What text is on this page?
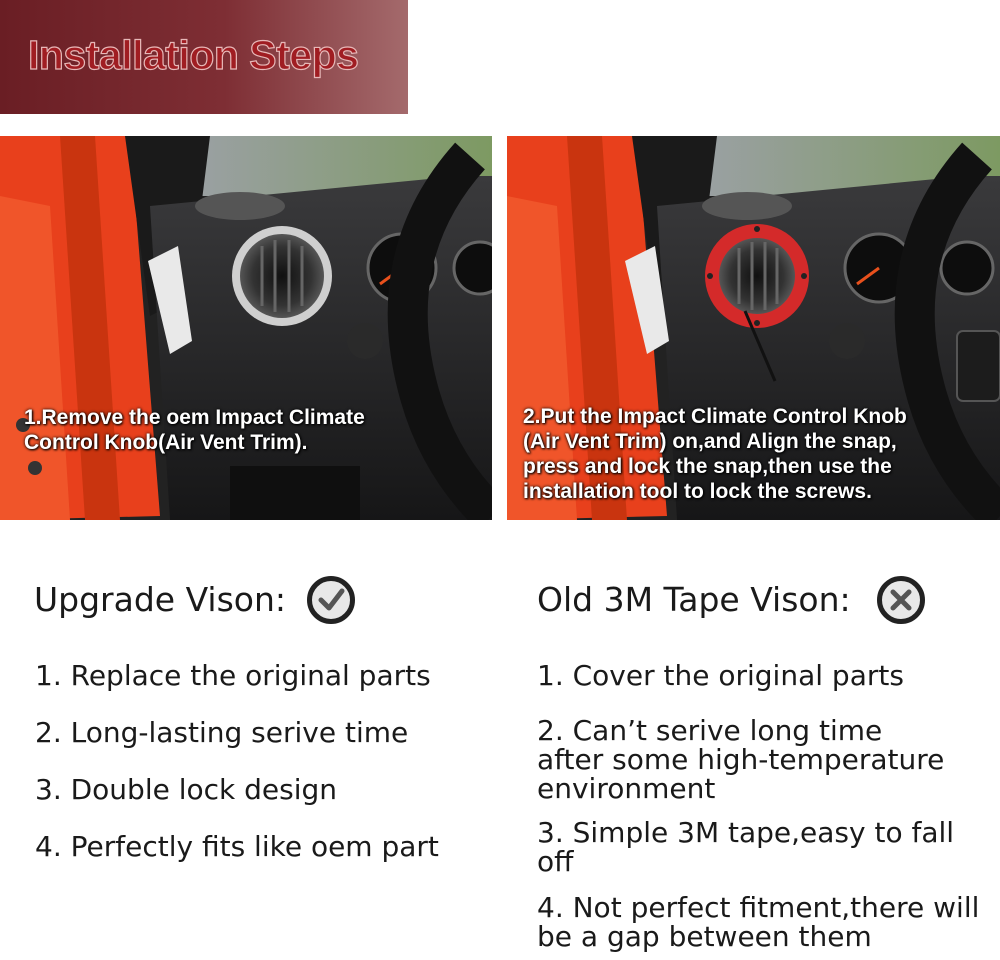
Installation Steps
1.Remove the oem Impact Climate
Control Knob(Air Vent Trim).
2.Put the Impact Climate Control Knob
(Air Vent Trim) on,and Align the snap,
press and lock the snap,then use the
installation tool to lock the screws.
Upgrade Vison:
1. Replace the original parts
2. Long-lasting serive time
3. Double lock design
4. Perfectly fits like oem part
Old 3M Tape Vison:
1. Cover the original parts
2. Can’t serive long time
after some high-temperature
environment
3. Simple 3M tape,easy to fall
off
4. Not perfect fitment,there will
be a gap between them
